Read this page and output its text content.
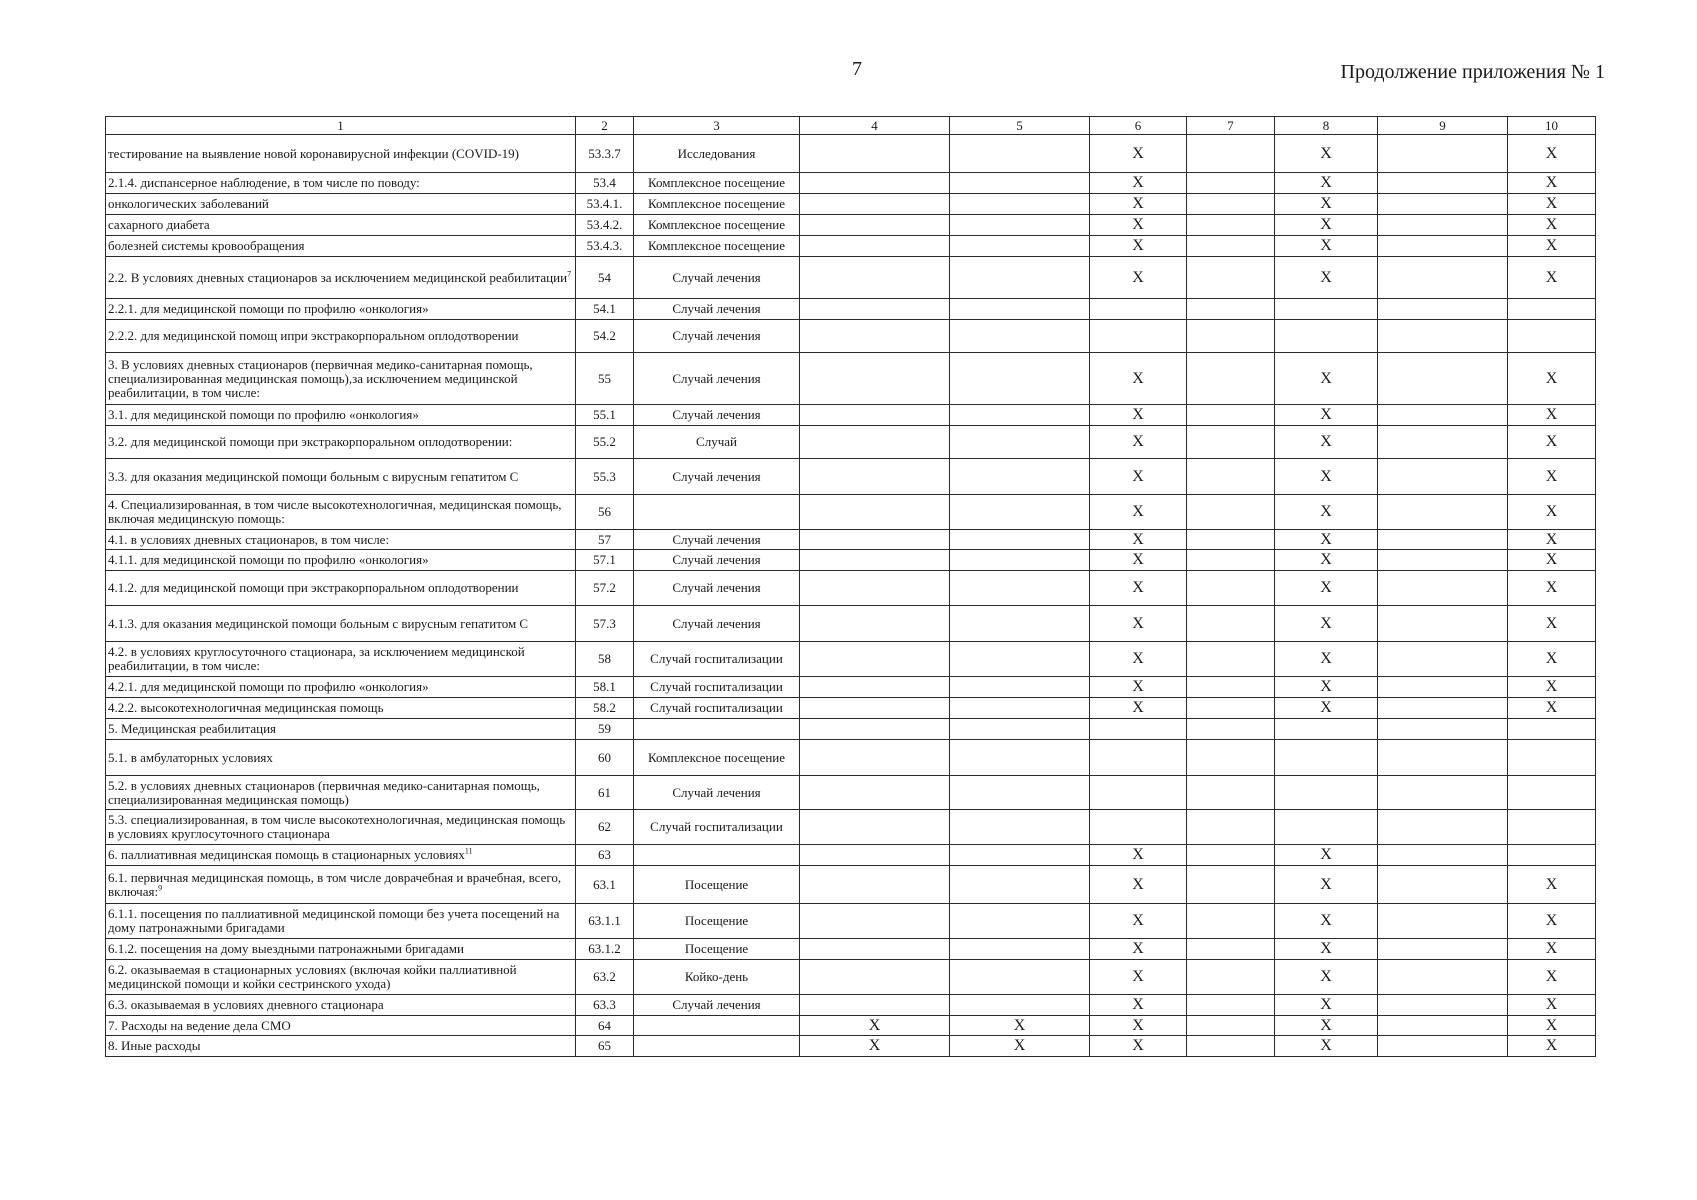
7	Продолжение приложения № 1
1	2	3	4	5	6	7	8	9	10
тестирование на выявление новой коронавирусной инфекции (COVID-19)	53.3.7	Исследования			X		X		X
2.1.4. диспансерное наблюдение, в том числе по поводу:	53.4	Комплексное посещение			X		X		X
онкологических заболеваний	53.4.1.	Комплексное посещение			X		X		X
сахарного диабета	53.4.2.	Комплексное посещение			X		X		X
болезней системы кровообращения	53.4.3.	Комплексное посещение			X		X		X
2.2. В условиях дневных стационаров за исключением медицинской реабилитации$^7$	54	Случай лечения			X		X		X
2.2.1. для медицинской помощи по профилю «онкология»	54.1	Случай лечения							
2.2.2. для медицинской помощ ипри экстракорпоральном оплодотворении	54.2	Случай лечения							
3. В условиях дневных стационаров (первичная медико-санитарная помощь, специализированная медицинская помощь),за исключением медицинской реабилитации, в том числе:	55	Случай лечения			X		X		X
3.1. для медицинской помощи по профилю «онкология»	55.1	Случай лечения			X		X		X
3.2. для медицинской помощи при экстракорпоральном оплодотворении:	55.2	Случай			X		X		X
3.3. для оказания медицинской помощи больным с вирусным гепатитом С	55.3	Случай лечения			X		X		X
4. Специализированная, в том числе высокотехнологичная, медицинская помощь, включая медицинскую помощь:	56				X		X		X
4.1. в условиях дневных стационаров, в том числе:	57	Случай лечения			X		X		X
4.1.1. для медицинской помощи по профилю «онкология»	57.1	Случай лечения			X		X		X
4.1.2. для медицинской помощи при экстракорпоральном оплодотворении	57.2	Случай лечения			X		X		X
4.1.3. для оказания медицинской помощи больным с вирусным гепатитом С	57.3	Случай лечения			X		X		X
4.2. в условиях круглосуточного стационара, за исключением медицинской реабилитации, в том числе:	58	Случай госпитализации			X		X		X
4.2.1. для медицинской помощи по профилю «онкология»	58.1	Случай госпитализации			X		X		X
4.2.2. высокотехнологичная медицинская помощь	58.2	Случай госпитализации			X		X		X
5. Медицинская реабилитация	59								
5.1. в амбулаторных условиях	60	Комплексное посещение							
5.2. в условиях дневных стационаров (первичная медико-санитарная помощь, специализированная медицинская помощь)	61	Случай лечения							
5.3. специализированная, в том числе высокотехнологичная, медицинская помощь в условиях круглосуточного стационара	62	Случай госпитализации							
6. паллиативная медицинская помощь в стационарных условиях$^{11}$	63				X		X		
6.1. первичная медицинская помощь, в том числе доврачебная и врачебная, всего, включая:$^9$	63.1	Посещение			X		X		X
6.1.1. посещения по паллиативной медицинской помощи без учета посещений на дому патронажными бригадами	63.1.1	Посещение			X		X		X
6.1.2. посещения на дому выездными патронажными бригадами	63.1.2	Посещение			X		X		X
6.2. оказываемая в стационарных условиях (включая койки паллиативной медицинской помощи и койки сестринского ухода)	63.2	Койко-день			X		X		X
6.3. оказываемая в условиях дневного стационара	63.3	Случай лечения			X		X		X
7. Расходы на ведение дела СМО	64		X	X	X		X		X
8. Иные расходы	65		X	X	X		X		X
